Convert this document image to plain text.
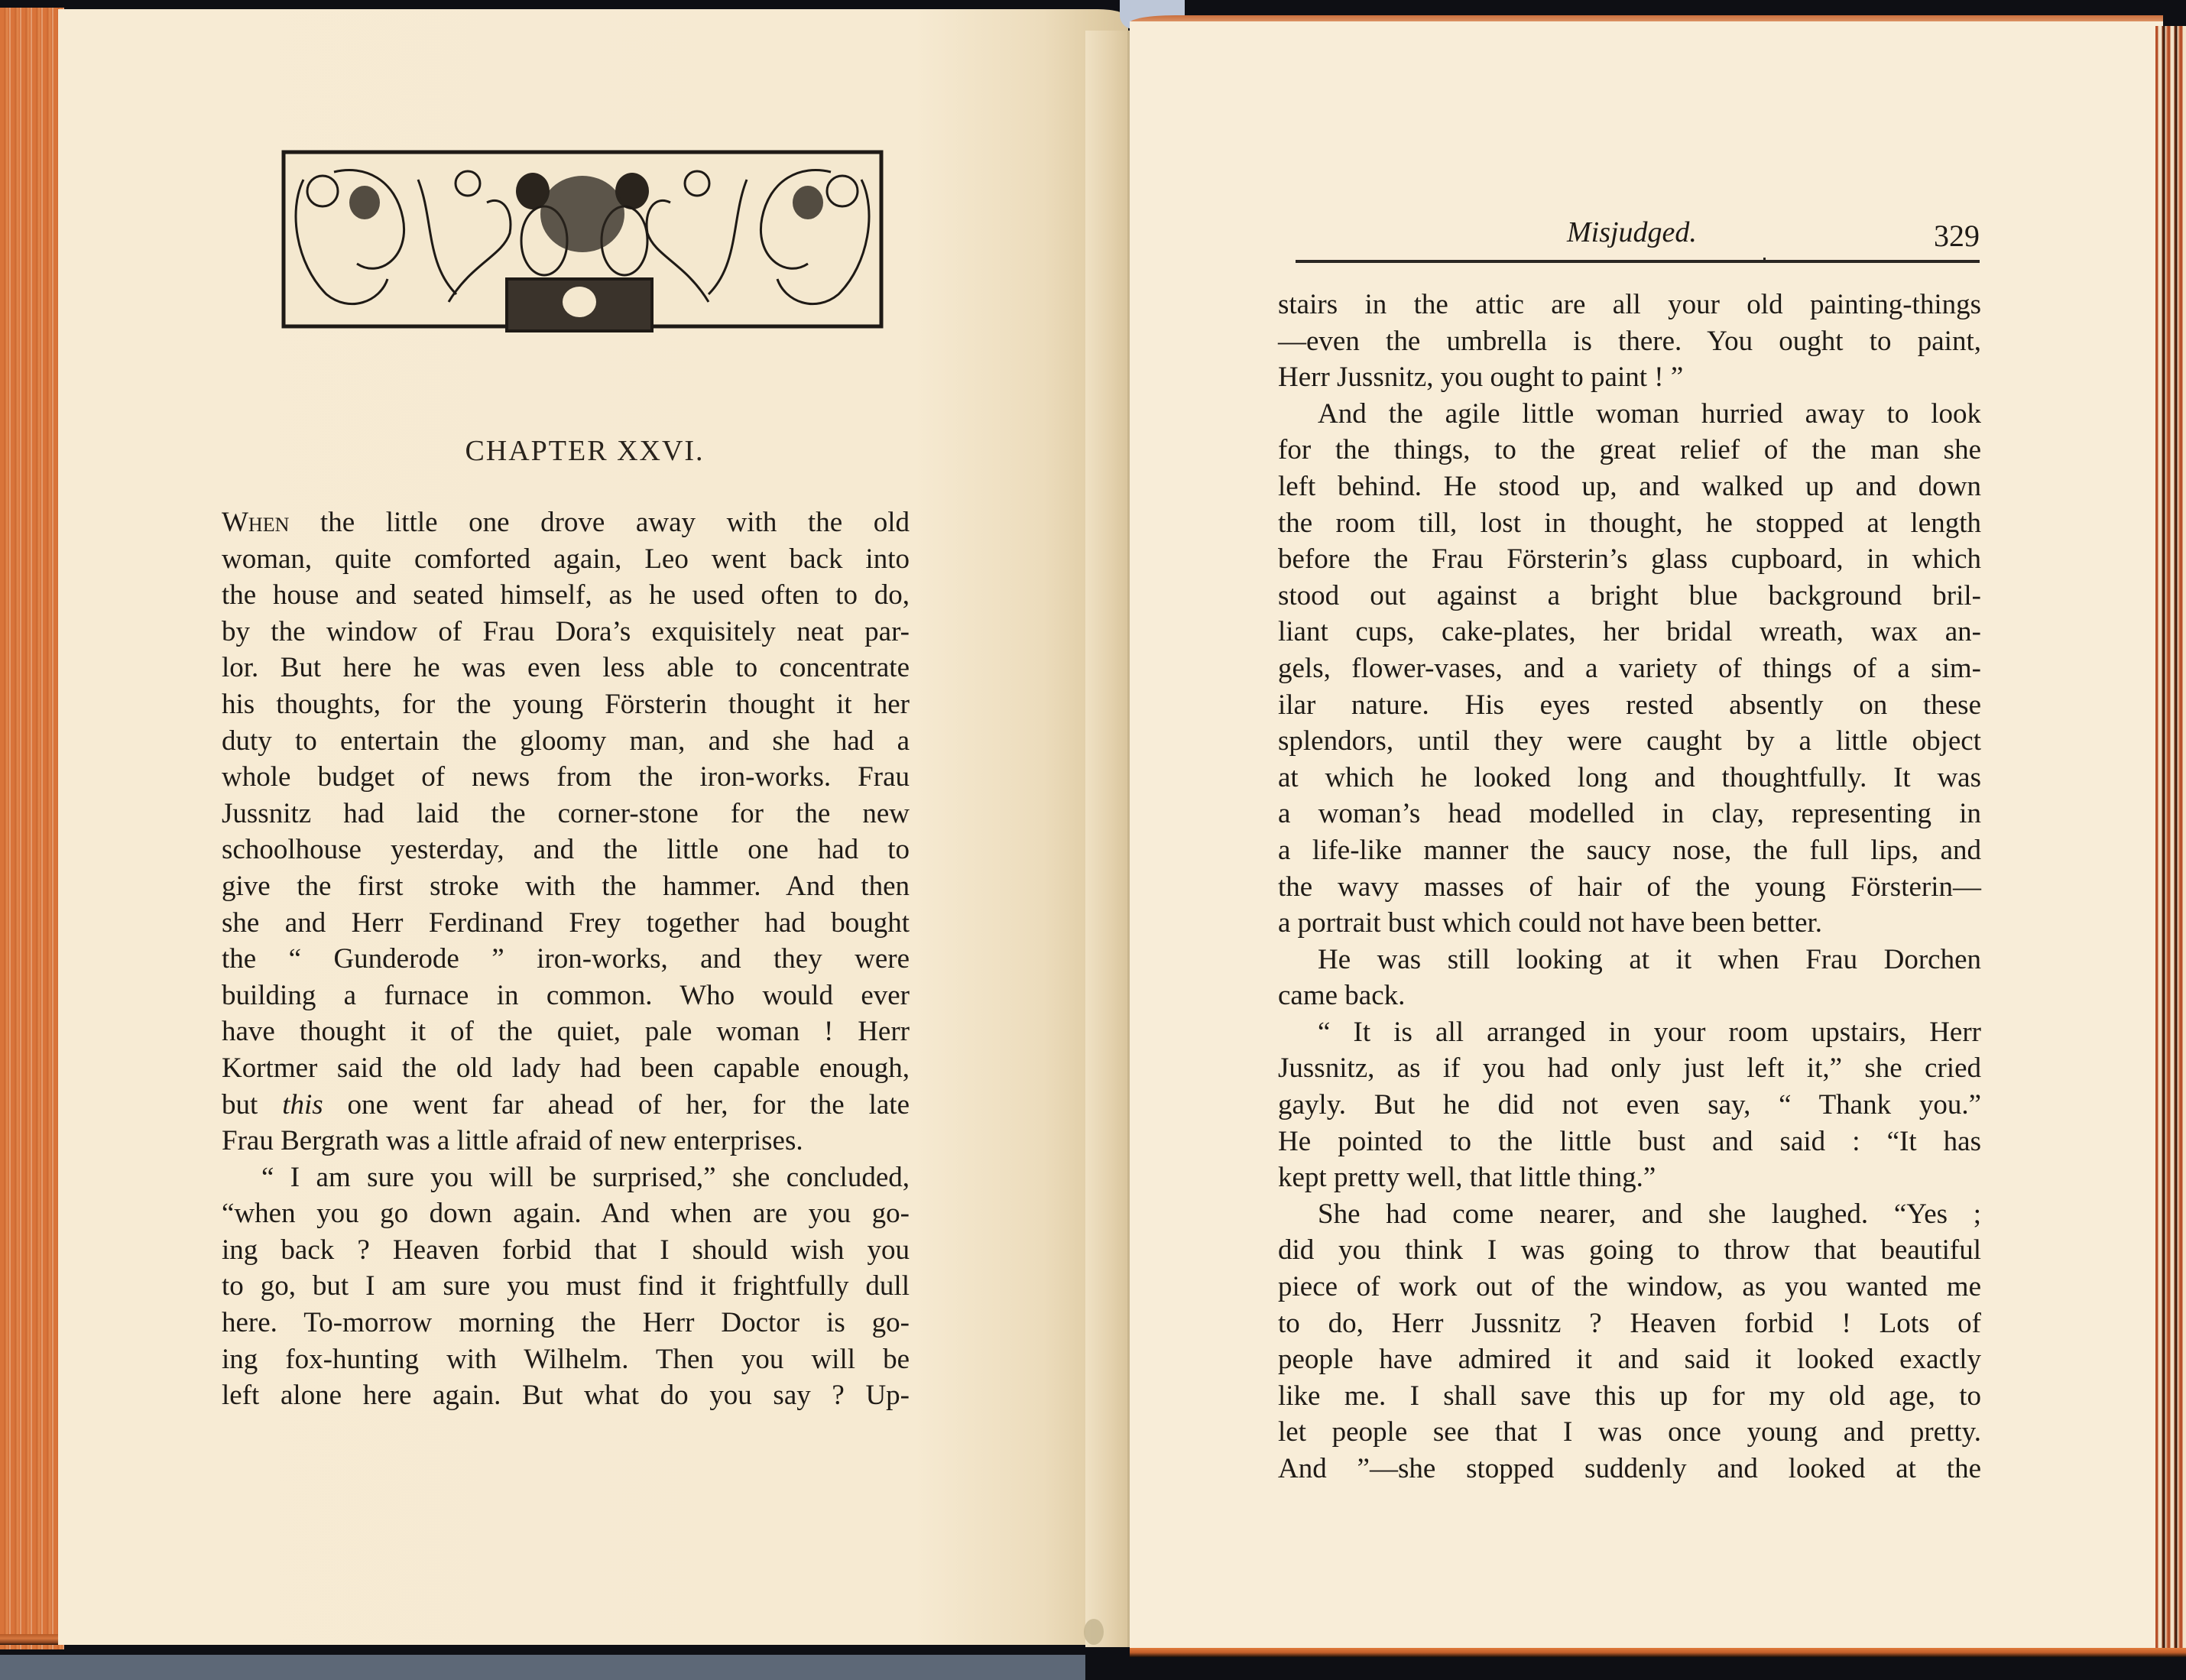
CHAPTER XXVI.
When the little one drove away with the old
woman, quite comforted again, Leo went back into
the house and seated himself, as he used often to do,
by the window of Frau Dora’s exquisitely neat par-
lor. But here he was even less able to concentrate
his thoughts, for the young Försterin thought it her
duty to entertain the gloomy man, and she had a
whole budget of news from the iron-works. Frau
Jussnitz had laid the corner-stone for the new
schoolhouse yesterday, and the little one had to
give the first stroke with the hammer. And then
she and Herr Ferdinand Frey together had bought
the “ Gunderode ” iron-works, and they were
building a furnace in common. Who would ever
have thought it of the quiet, pale woman ! Herr
Kortmer said the old lady had been capable enough,
but this one went far ahead of her, for the late
Frau Bergrath was a little afraid of new enterprises.
“ I am sure you will be surprised,” she concluded,
“when you go down again. And when are you go-
ing back ? Heaven forbid that I should wish you
to go, but I am sure you must find it frightfully dull
here. To-morrow morning the Herr Doctor is go-
ing fox-hunting with Wilhelm. Then you will be
left alone here again. But what do you say ? Up-
Misjudged.	329
stairs in the attic are all your old painting-things
—even the umbrella is there. You ought to paint,
Herr Jussnitz, you ought to paint ! ”
And the agile little woman hurried away to look
for the things, to the great relief of the man she
left behind. He stood up, and walked up and down
the room till, lost in thought, he stopped at length
before the Frau Försterin’s glass cupboard, in which
stood out against a bright blue background bril-
liant cups, cake-plates, her bridal wreath, wax an-
gels, flower-vases, and a variety of things of a sim-
ilar nature. His eyes rested absently on these
splendors, until they were caught by a little object
at which he looked long and thoughtfully. It was
a woman’s head modelled in clay, representing in
a life-like manner the saucy nose, the full lips, and
the wavy masses of hair of the young Försterin—
a portrait bust which could not have been better.
He was still looking at it when Frau Dorchen
came back.
“ It is all arranged in your room upstairs, Herr
Jussnitz, as if you had only just left it,” she cried
gayly. But he did not even say, “ Thank you.”
He pointed to the little bust and said : “It has
kept pretty well, that little thing.”
She had come nearer, and she laughed. “Yes ;
did you think I was going to throw that beautiful
piece of work out of the window, as you wanted me
to do, Herr Jussnitz ? Heaven forbid ! Lots of
people have admired it and said it looked exactly
like me. I shall save this up for my old age, to
let people see that I was once young and pretty.
And ”—she stopped suddenly and looked at the
